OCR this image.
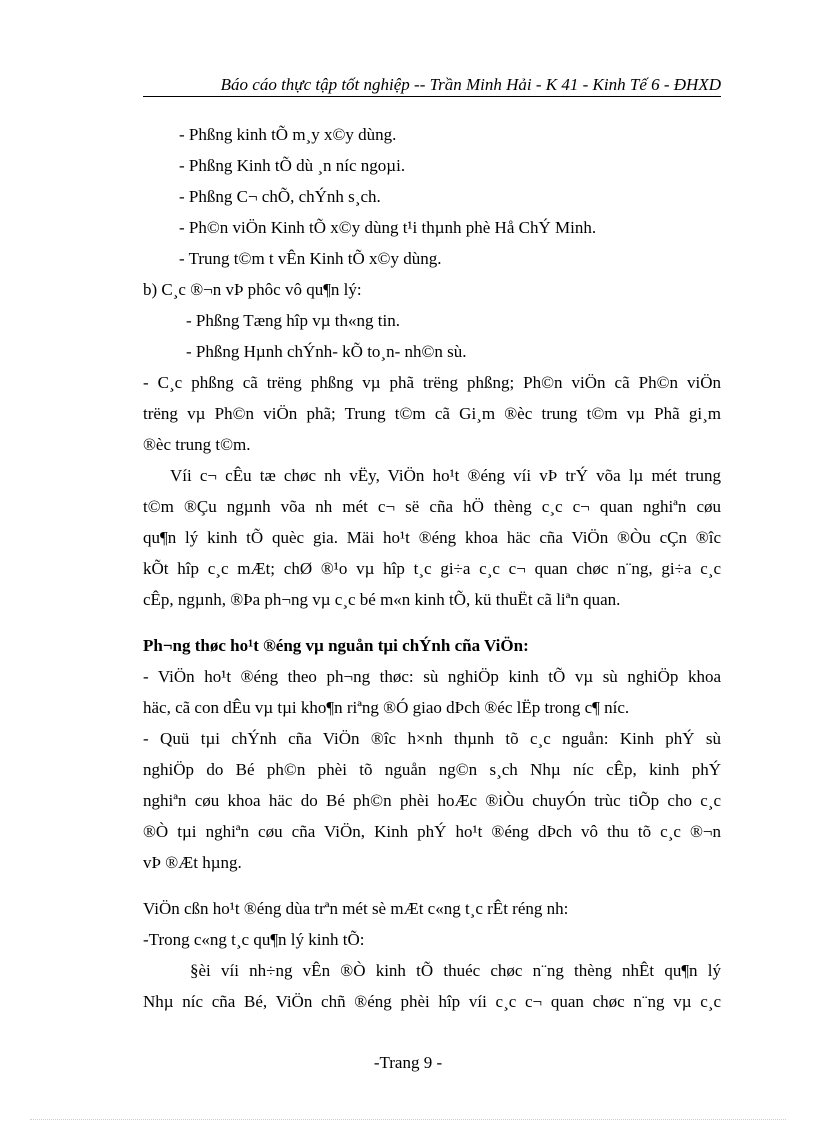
Báo cáo thực tập tốt nghiệp -- Trần Minh Hải - K 41 - Kinh Tế 6 - ĐHXD
- Phßng kinh tÕ m¸y x©y dùng.
- Phßng Kinh tÕ dù ¸n níc ngoµi.
- Phßng C¬ chÕ, chÝnh s¸ch.
- Ph©n viÖn Kinh tÕ x©y dùng t¹i thµnh phè Hå ChÝ Minh.
- Trung t©m t vÊn Kinh tÕ x©y dùng.
b) C¸c ®¬n vÞ phôc vô qu¶n lý:
- Phßng Tæng hîp vµ th«ng tin.
- Phßng Hµnh chÝnh- kÕ to¸n- nh©n sù.
- C¸c phßng cã trëng phßng vµ phã trëng phßng; Ph©n viÖn cã Ph©n viÖn
trëng vµ Ph©n viÖn phã; Trung t©m cã Gi¸m ®èc trung t©m vµ Phã gi¸m
®èc trung t©m.
Víi c¬ cÊu tæ chøc nh vËy, ViÖn ho¹t ®éng víi vÞ trÝ võa lµ mét trung
t©m ®Çu ngµnh võa nh mét c¬ së cña hÖ thèng c¸c c¬ quan nghiªn cøu
qu¶n lý kinh tÕ quèc gia. Mäi ho¹t ®éng khoa häc cña ViÖn ®Òu cÇn ®îc
kÕt hîp c¸c mÆt; chØ ®¹o vµ hîp t¸c gi÷a c¸c c¬ quan chøc n¨ng, gi÷a c¸c
cÊp, ngµnh, ®Þa ph¬ng vµ c¸c bé m«n kinh tÕ, kü thuËt cã liªn quan.
Ph¬ng thøc ho¹t ®éng vµ nguån tµi chÝnh cña ViÖn:
- ViÖn ho¹t ®éng theo ph¬ng thøc: sù nghiÖp kinh tÕ vµ sù nghiÖp khoa
häc, cã con dÊu vµ tµi kho¶n riªng ®Ó giao dÞch ®éc lËp trong c¶ níc.
- Quü tµi chÝnh cña ViÖn ®îc h×nh thµnh tõ c¸c nguån: Kinh phÝ sù
nghiÖp do Bé ph©n phèi tõ nguån ng©n s¸ch Nhµ níc cÊp, kinh phÝ
nghiªn cøu khoa häc do Bé ph©n phèi hoÆc ®iÒu chuyÓn trùc tiÕp cho c¸c
®Ò tµi nghiªn cøu cña ViÖn, Kinh phÝ ho¹t ®éng dÞch vô thu tõ c¸c ®¬n
vÞ ®Æt hµng.
ViÖn cßn ho¹t ®éng dùa trªn mét sè mÆt c«ng t¸c rÊt réng nh:
-Trong c«ng t¸c qu¶n lý kinh tÕ:
§èi víi nh÷ng vÊn ®Ò kinh tÕ thuéc chøc n¨ng thèng nhÊt qu¶n lý
Nhµ níc cña Bé, ViÖn chñ ®éng phèi hîp víi c¸c c¬ quan chøc n¨ng vµ c¸c
-Trang 9 -
